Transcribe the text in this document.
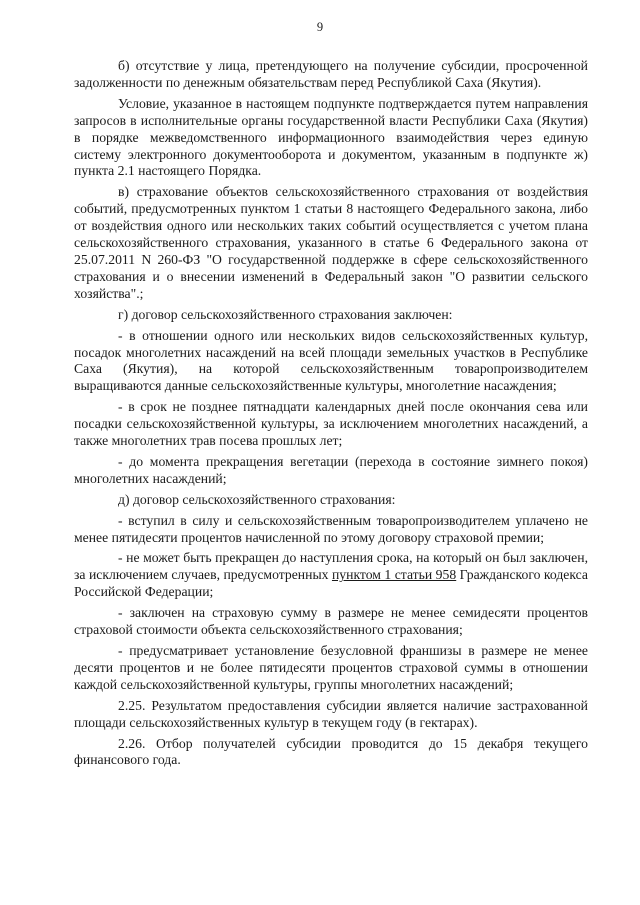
9

б) отсутствие у лица, претендующего на получение субсидии, просроченной задолженности по денежным обязательствам перед Республикой Саха (Якутия).

Условие, указанное в настоящем подпункте подтверждается путем направления запросов в исполнительные органы государственной власти Республики Саха (Якутия) в порядке межведомственного информационного взаимодействия через единую систему электронного документооборота и документом, указанным в подпункте ж) пункта 2.1 настоящего Порядка.

в) страхование объектов сельскохозяйственного страхования от воздействия событий, предусмотренных пунктом 1 статьи 8 настоящего Федерального закона, либо от воздействия одного или нескольких таких событий осуществляется с учетом плана сельскохозяйственного страхования, указанного в статье 6 Федерального закона от 25.07.2011 N 260-ФЗ "О государственной поддержке в сфере сельскохозяйственного страхования и о внесении изменений в Федеральный закон "О развитии сельского хозяйства".;

г) договор сельскохозяйственного страхования заключен:

- в отношении одного или нескольких видов сельскохозяйственных культур, посадок многолетних насаждений на всей площади земельных участков в Республике Саха (Якутия), на которой сельскохозяйственным товаропроизводителем выращиваются данные сельскохозяйственные культуры, многолетние насаждения;

- в срок не позднее пятнадцати календарных дней после окончания сева или посадки сельскохозяйственной культуры, за исключением многолетних насаждений, а также многолетних трав посева прошлых лет;

- до момента прекращения вегетации (перехода в состояние зимнего покоя) многолетних насаждений;

д) договор сельскохозяйственного страхования:

- вступил в силу и сельскохозяйственным товаропроизводителем уплачено не менее пятидесяти процентов начисленной по этому договору страховой премии;

- не может быть прекращен до наступления срока, на который он был заключен, за исключением случаев, предусмотренных пунктом 1 статьи 958 Гражданского кодекса Российской Федерации;

- заключен на страховую сумму в размере не менее семидесяти процентов страховой стоимости объекта сельскохозяйственного страхования;

- предусматривает установление безусловной франшизы в размере не менее десяти процентов и не более пятидесяти процентов страховой суммы в отношении каждой сельскохозяйственной культуры, группы многолетних насаждений;

2.25. Результатом предоставления субсидии является наличие застрахованной площади сельскохозяйственных культур в текущем году (в гектарах).

2.26. Отбор получателей субсидии проводится до 15 декабря текущего финансового года.
